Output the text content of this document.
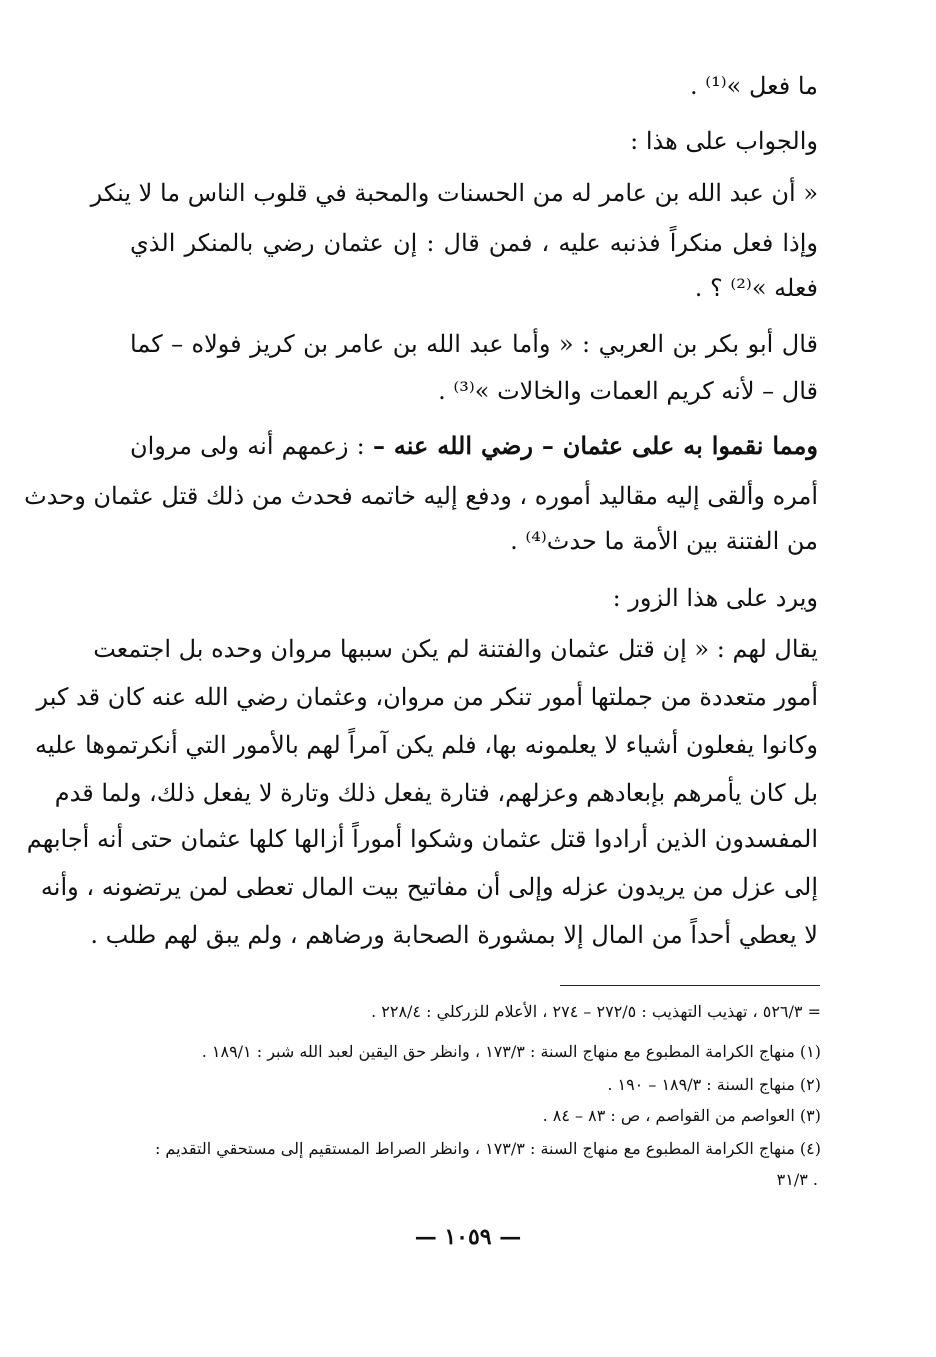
ما فعل »⁽¹⁾ .
والجواب على هذا :
« أن عبد الله بن عامر له من الحسنات والمحبة في قلوب الناس ما لا ينكر
وإذا فعل منكراً فذنبه عليه ، فمن قال : إن عثمان رضي بالمنكر الذي
فعله »⁽²⁾ ؟ .
قال أبو بكر بن العربي : « وأما عبد الله بن عامر بن كريز فولاه – كما
قال – لأنه كريم العمات والخالات »⁽³⁾ .
ومما نقموا به على عثمان – رضي الله عنه – : زعمهم أنه ولى مروان
أمره وألقى إليه مقاليد أموره ، ودفع إليه خاتمه فحدث من ذلك قتل عثمان وحدث
من الفتنة بين الأمة ما حدث⁽⁴⁾ .
ويرد على هذا الزور :
يقال لهم : « إن قتل عثمان والفتنة لم يكن سببها مروان وحده بل اجتمعت
أمور متعددة من جملتها أمور تنكر من مروان، وعثمان رضي الله عنه كان قد كبر
وكانوا يفعلون أشياء لا يعلمونه بها، فلم يكن آمراً لهم بالأمور التي أنكرتموها عليه
بل كان يأمرهم بإبعادهم وعزلهم، فتارة يفعل ذلك وتارة لا يفعل ذلك، ولما قدم
المفسدون الذين أرادوا قتل عثمان وشكوا أموراً أزالها كلها عثمان حتى أنه أجابهم
إلى عزل من يريدون عزله وإلى أن مفاتيح بيت المال تعطى لمن يرتضونه ، وأنه
لا يعطي أحداً من المال إلا بمشورة الصحابة ورضاهم ، ولم يبق لهم طلب .
= ٥٢٦/٣ ، تهذيب التهذيب : ٢٧٢/٥ – ٢٧٤ ، الأعلام للزركلي : ٢٢٨/٤ .
(١) منهاج الكرامة المطبوع مع منهاج السنة : ١٧٣/٣ ، وانظر حق اليقين لعبد الله شبر : ١٨٩/١ .
(٢) منهاج السنة : ١٨٩/٣ – ١٩٠ .
(٣) العواصم من القواصم ، ص : ٨٣ – ٨٤ .
(٤) منهاج الكرامة المطبوع مع منهاج السنة : ١٧٣/٣ ، وانظر الصراط المستقيم إلى مستحقي التقديم :
. ٣١/٣
— ١٠٥٩ —
